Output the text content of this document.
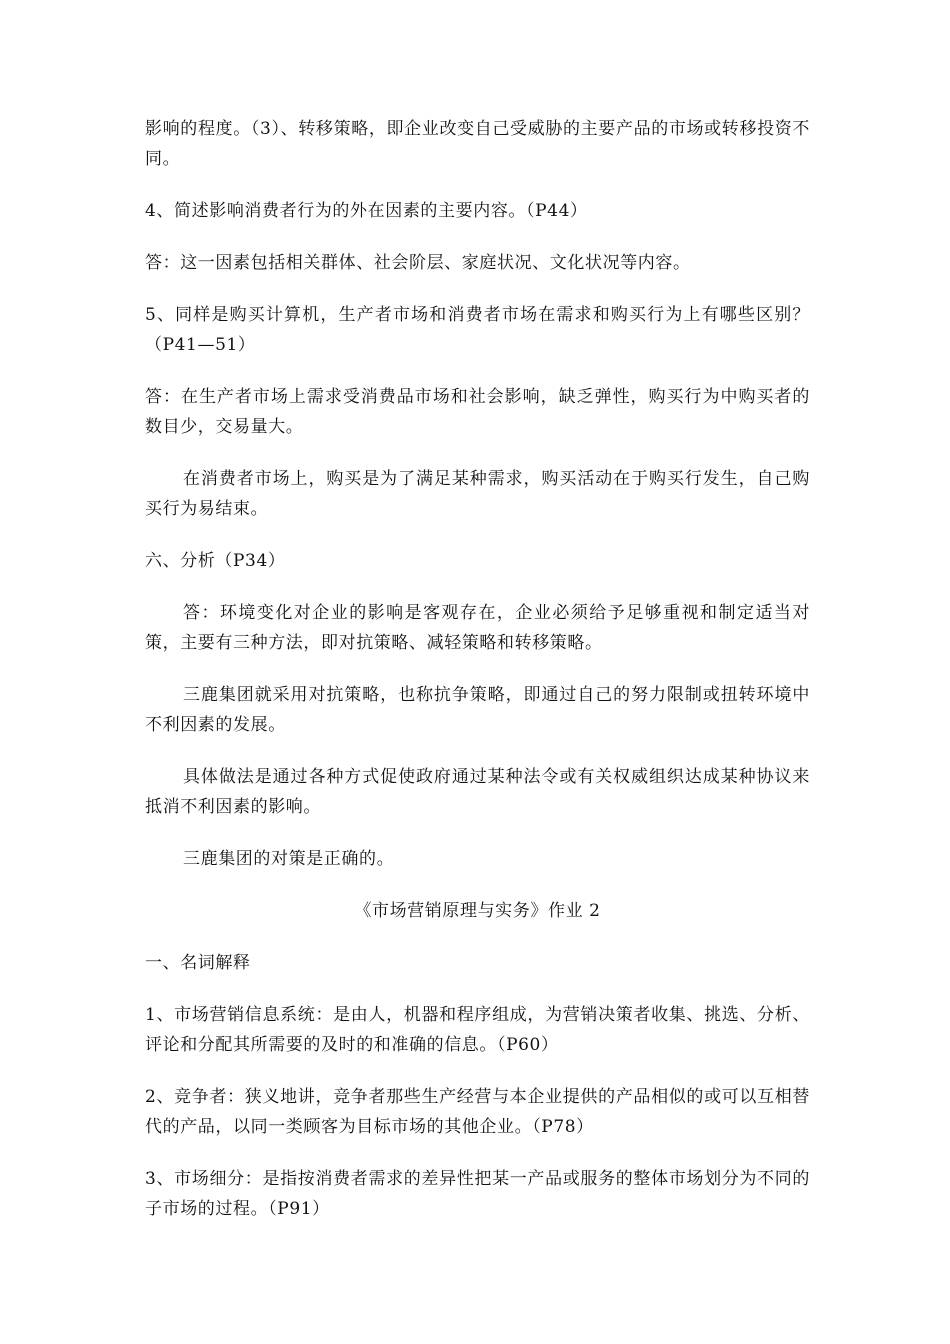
影响的程度。（3）、转移策略，即企业改变自己受威胁的主要产品的市场或转移投资不同。

4、简述影响消费者行为的外在因素的主要内容。（P44）

答：这一因素包括相关群体、社会阶层、家庭状况、文化状况等内容。

5、同样是购买计算机，生产者市场和消费者市场在需求和购买行为上有哪些区别？（P41—51）

答：在生产者市场上需求受消费品市场和社会影响，缺乏弹性，购买行为中购买者的数目少，交易量大。

在消费者市场上，购买是为了满足某种需求，购买活动在于购买行发生，自己购买行为易结束。

六、分析（P34）

答：环境变化对企业的影响是客观存在，企业必须给予足够重视和制定适当对策，主要有三种方法，即对抗策略、减轻策略和转移策略。

三鹿集团就采用对抗策略，也称抗争策略，即通过自己的努力限制或扭转环境中不利因素的发展。

具体做法是通过各种方式促使政府通过某种法令或有关权威组织达成某种协议来抵消不利因素的影响。

三鹿集团的对策是正确的。

《市场营销原理与实务》作业 2

一、名词解释

1、市场营销信息系统：是由人，机器和程序组成，为营销决策者收集、挑选、分析、评论和分配其所需要的及时的和准确的信息。（P60）

2、竞争者：狭义地讲，竞争者那些生产经营与本企业提供的产品相似的或可以互相替代的产品，以同一类顾客为目标市场的其他企业。（P78）

3、市场细分：是指按消费者需求的差异性把某一产品或服务的整体市场划分为不同的子市场的过程。（P91）
